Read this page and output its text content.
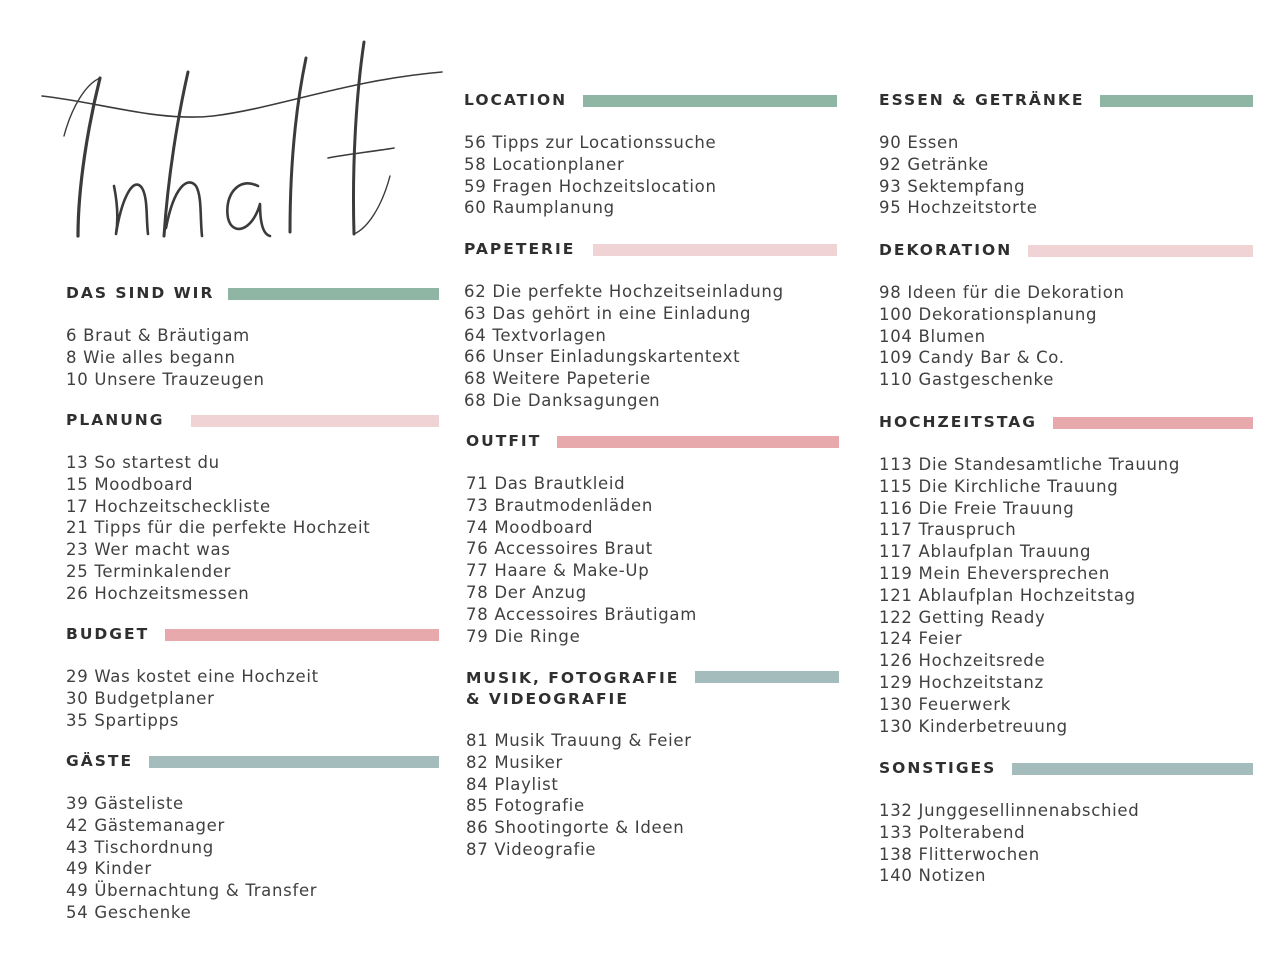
DAS SIND WIR
6 Braut & Bräutigam
8 Wie alles begann
10 Unsere Trauzeugen
PLANUNG
13 So startest du
15 Moodboard
17 Hochzeitscheckliste
21 Tipps für die perfekte Hochzeit
23 Wer macht was
25 Terminkalender
26 Hochzeitsmessen
BUDGET
29 Was kostet eine Hochzeit
30 Budgetplaner
35 Spartipps
GÄSTE
39 Gästeliste
42 Gästemanager
43 Tischordnung
49 Kinder
49 Übernachtung & Transfer
54 Geschenke
LOCATION
56 Tipps zur Locationssuche
58 Locationplaner
59 Fragen Hochzeitslocation
60 Raumplanung
PAPETERIE
62 Die perfekte Hochzeitseinladung
63 Das gehört in eine Einladung
64 Textvorlagen
66 Unser Einladungskartentext
68 Weitere Papeterie
68 Die Danksagungen
OUTFIT
71 Das Brautkleid
73 Brautmodenläden
74 Moodboard
76 Accessoires Braut
77 Haare & Make-Up
78 Der Anzug
78 Accessoires Bräutigam
79 Die Ringe
MUSIK, FOTOGRAFIE
& VIDEOGRAFIE
81 Musik Trauung & Feier
82 Musiker
84 Playlist
85 Fotografie
86 Shootingorte & Ideen
87 Videografie
ESSEN & GETRÄNKE
90 Essen
92 Getränke
93 Sektempfang
95 Hochzeitstorte
DEKORATION
98 Ideen für die Dekoration
100 Dekorationsplanung
104 Blumen
109 Candy Bar & Co.
110 Gastgeschenke
HOCHZEITSTAG
113 Die Standesamtliche Trauung
115 Die Kirchliche Trauung
116 Die Freie Trauung
117 Trauspruch
117 Ablaufplan Trauung
119 Mein Eheversprechen
121 Ablaufplan Hochzeitstag
122 Getting Ready
124 Feier
126 Hochzeitsrede
129 Hochzeitstanz
130 Feuerwerk
130 Kinderbetreuung
SONSTIGES
132 Junggesellinnenabschied
133 Polterabend
138 Flitterwochen
140 Notizen
